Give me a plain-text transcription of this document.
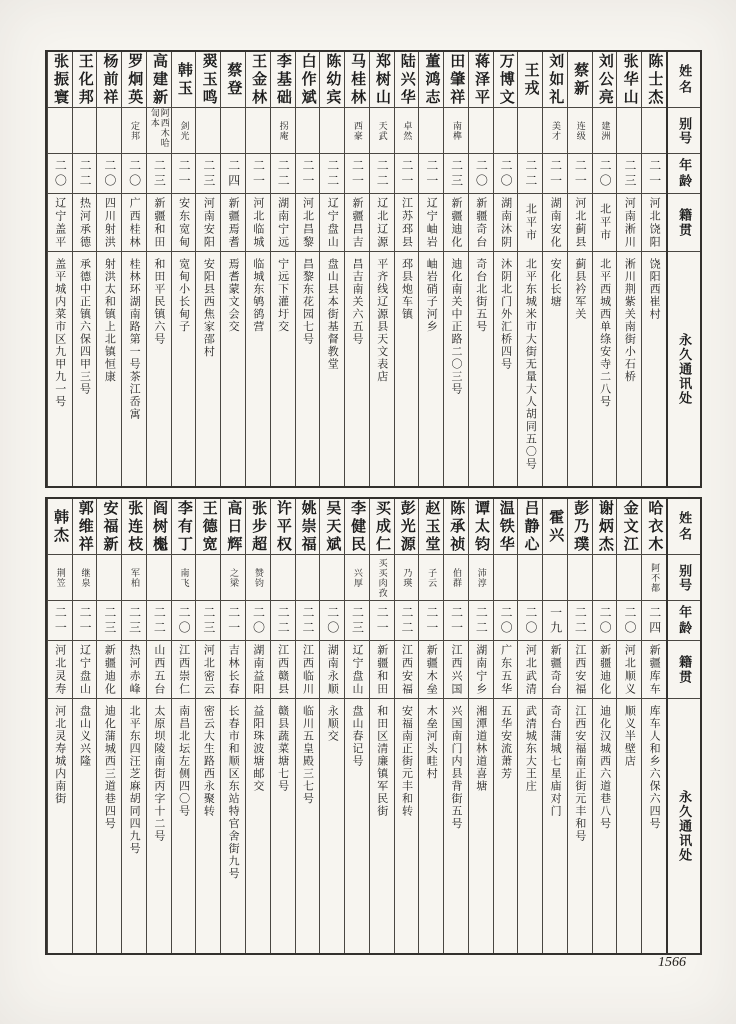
姓名
别号
年龄
籍贯
永久通讯处
陈士杰
二一
河北饶阳
饶阳西崔村
张华山
二三
河南淅川
淅川荆紫关南街小石桥
刘公亮
建洲
二〇
北平市
北平西城西单绦安寺二八号
蔡新
连级
二一
河北蓟县
蓟县衿军关
刘如礼
美才
二一
湖南安化
安化长塘
王戎
二二
北平市
北平东城米市大街无量大人胡同五〇号
万博文
二〇
湖南沐阴
沐阴北门外汇桥四号
蒋泽平
二〇
新疆奇台
奇台北街五号
田肇祥
南榫
二三
新疆迪化
迪化南关中正路二〇三号
董鸿志
二一
辽宁岫岩
岫岩硝子河乡
陆兴华
卓然
二一
江苏邳县
邳县炮车镇
郑树山
天武
二二
辽北辽源
平齐线辽源县天文表店
马桂林
西豪
二一
新疆昌吉
昌吉南关六五号
陈幼宾
二二
辽宁盘山
盘山县本街基督教堂
白作斌
二一
河北昌黎
昌黎东花园七号
李基础
拐庵
二二
湖南宁远
宁远下灌圩交
王金林
二一
河北临城
临城东鸲鹆营
蔡登
二四
新疆焉耆
焉耆蒙文会交
翜玉鸣
二三
河南安阳
安阳县西焦家邵村
韩玉
剑光
二一
安东宽甸
宽甸小长甸子
高建新
阿西木哈訇本
二三
新疆和田
和田平民镇六号
罗炯英
定邦
二〇
广西桂林
桂林环湖南路第一号茶江岙寓
杨前祥
二〇
四川射洪
射洪太和镇上北镇恒康
王化邦
二二
热河承德
承德中正镇六保四甲三号
张振寰
二〇
辽宁盖平
盖平城内菜市区九甲九一号
姓名
别号
年龄
籍贯
永久通讯处
哈衣木
阿不都
二四
新疆库车
库车人和乡六保六四号
金文江
二〇
河北顺义
顺义半壁店
谢炳杰
二〇
新疆迪化
迪化汉城西六道巷八号
彭乃璞
二二
江西安福
江西安福南正街元丰和号
霍兴
一九
新疆奇台
奇台蒲城七星庙对门
吕静心
二〇
河北武清
武清城东大王庄
温铁华
二〇
广东五华
五华安流萧芳
谭太钧
沛淳
二二
湖南宁乡
湘潭道林道喜塘
陈承祯
伯群
二一
江西兴国
兴国南门内县背街五号
赵玉堂
子云
二一
新疆木垒
木垒河头畦村
彭光源
乃瑛
二二
江西安福
安福南正街元丰和转
买成仁
买买肉孜
二一
新疆和田
和田区清廉镇军民街
李健民
兴厚
二三
辽宁盘山
盘山春记号
吴天斌
二〇
湖南永顺
永顺交
姚崇福
二二
江西临川
临川五皇殿三七号
许平权
二二
江西赣县
赣县蔬菜塘七号
张步超
赞钧
二〇
湖南益阳
益阳珠波塘邮交
高日辉
之梁
二一
吉林长春
长春市和顺区东站特官舍街九号
王德宽
二三
河北密云
密云大生路西永聚转
李有丁
南飞
二〇
江西崇仁
南昌北坛左侧四〇号
阎树櫆
二二
山西五台
太原坝陵南街丙字十二号
张连枝
军柏
二三
热河赤峰
北平东四汪芝麻胡同四九号
安福新
二三
新疆迪化
迪化蒲城西三道巷四号
郭维祥
继泉
二一
辽宁盘山
盘山义兴隆
韩杰
荆笠
二一
河北灵寿
河北灵寿城内南街
1566
